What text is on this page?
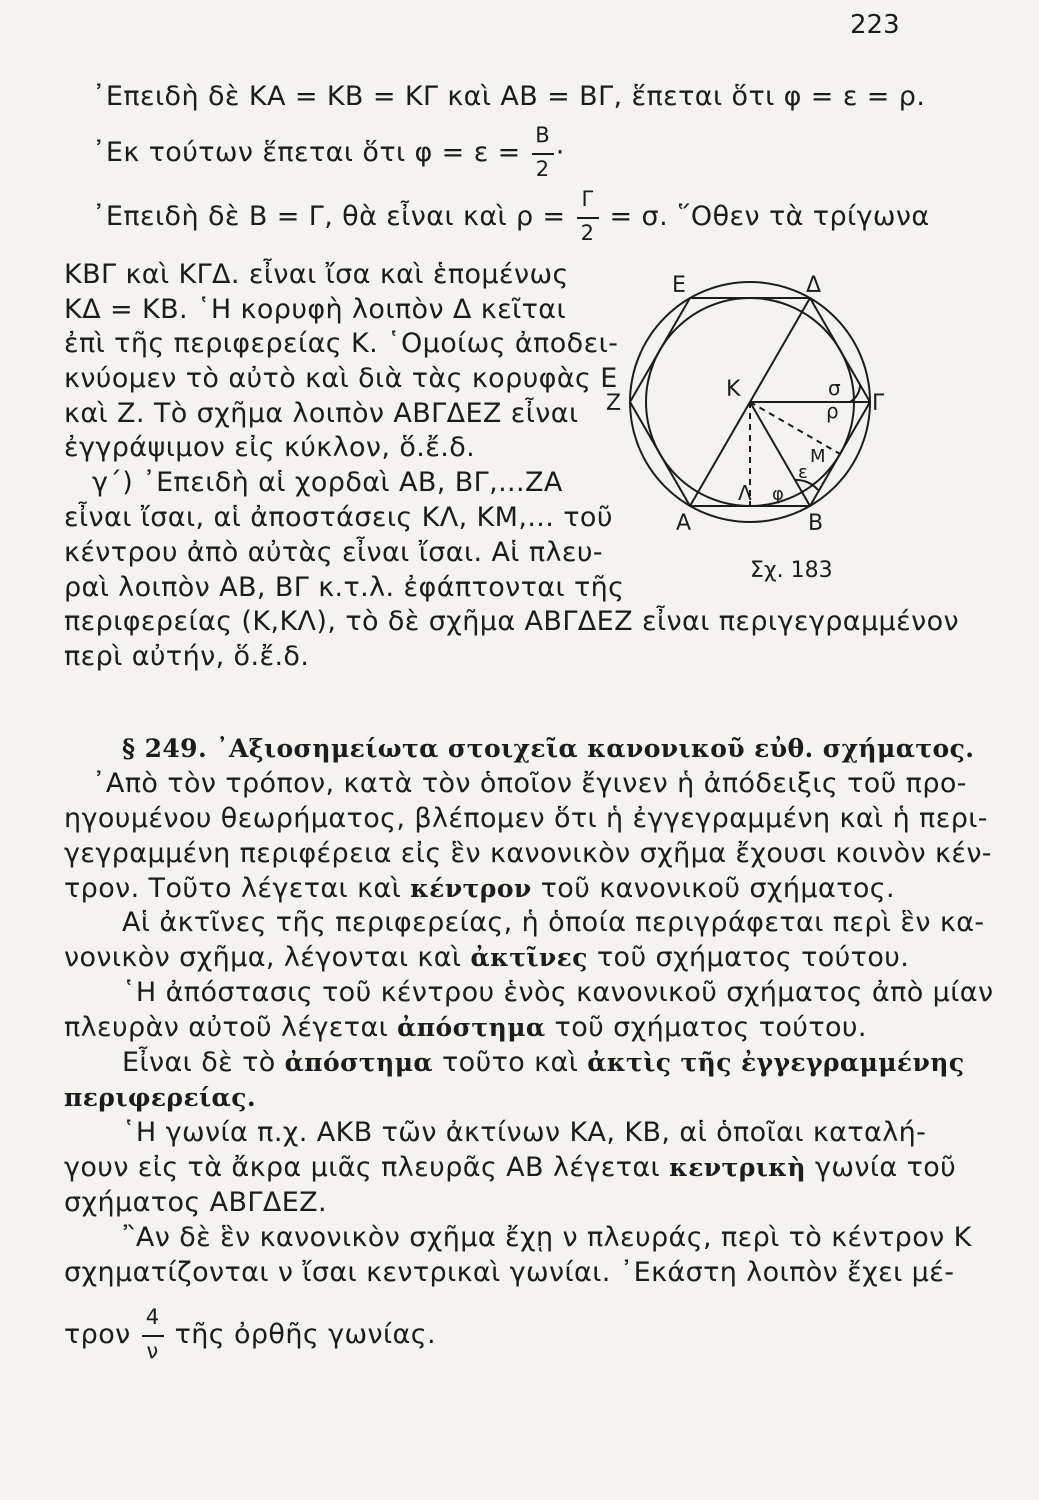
223
᾽Επειδὴ δὲ ΚΑ = ΚΒ = ΚΓ καὶ ΑΒ = ΒΓ, ἕπεται ὅτι φ = ε = ρ.
᾽Εκ τούτων ἕπεται ὅτι $\varphi = \varepsilon = \frac{B}{2}$ ·
᾽Επειδὴ δὲ Β = Γ, θὰ εἶναι καὶ $\rho = \frac{\Gamma}{2} = \sigma$. ῞Οθεν τὰ τρίγωνα
ΚΒΓ καὶ ΚΓΔ. εἶναι ἴσα καὶ ἑπομένως
ΚΔ = ΚΒ. ῾Η κορυφὴ λοιπὸν Δ κεῖται
ἐπὶ τῆς περιφερείας Κ. ῾Ομοίως ἀποδει-
κνύομεν τὸ αὐτὸ καὶ διὰ τὰς κορυφὰς Ε
καὶ Ζ. Τὸ σχῆμα λοιπὸν ΑΒΓΔΕΖ εἶναι
ἐγγράψιμον εἰς κύκλον, ὅ.ἔ.δ.
γ΄) ᾽Επειδὴ αἱ χορδαὶ ΑΒ, ΒΓ,...ΖΑ
εἶναι ἴσαι, αἱ ἀποστάσεις ΚΛ, ΚΜ,... τοῦ
κέντρου ἀπὸ αὐτὰς εἶναι ἴσαι. Αἱ πλευ-
ραὶ λοιπὸν ΑΒ, ΒΓ κ.τ.λ. ἐφάπτονται τῆς
περιφερείας (Κ,ΚΛ), τὸ δὲ σχῆμα ΑΒΓΔΕΖ εἶναι περιγεγραμμένον
περὶ αὐτήν, ὅ.ἔ.δ.
Ε	Δ
Ζ	Γ
Κ	σ
ρ
Μ
ε
φ
Λ
Α	Β
Σχ. 183
§ 249. ᾽Αξιοσημείωτα στοιχεῖα κανονικοῦ εὐθ. σχήματος.
᾽Απὸ τὸν τρόπον, κατὰ τὸν ὁποῖον ἔγινεν ἡ ἀπόδειξις τοῦ προ-
ηγουμένου θεωρήματος, βλέπομεν ὅτι ἡ ἐγγεγραμμένη καὶ ἡ περι-
γεγραμμένη περιφέρεια εἰς ἓν κανονικὸν σχῆμα ἔχουσι κοινὸν κέν-
τρον. Τοῦτο λέγεται καὶ κέντρον τοῦ κανονικοῦ σχήματος.
Αἱ ἀκτῖνες τῆς περιφερείας, ἡ ὁποία περιγράφεται περὶ ἓν κα-
νονικὸν σχῆμα, λέγονται καὶ ἀκτῖνες τοῦ σχήματος τούτου.
῾Η ἀπόστασις τοῦ κέντρου ἑνὸς κανονικοῦ σχήματος ἀπὸ μίαν
πλευρὰν αὐτοῦ λέγεται ἀπόστημα τοῦ σχήματος τούτου.
Εἶναι δὲ τὸ ἀπόστημα τοῦτο καὶ ἀκτὶς τῆς ἐγγεγραμμένης
περιφερείας.
῾Η γωνία π.χ. ΑΚΒ τῶν ἀκτίνων ΚΑ, ΚΒ, αἱ ὁποῖαι καταλή-
γουν εἰς τὰ ἄκρα μιᾶς πλευρᾶς ΑΒ λέγεται κεντρικὴ γωνία τοῦ
σχήματος ΑΒΓΔΕΖ.
῍Αν δὲ ἓν κανονικὸν σχῆμα ἔχῃ ν πλευράς, περὶ τὸ κέντρον Κ
σχηματίζονται ν ἴσαι κεντρικαὶ γωνίαι. ᾽Εκάστη λοιπὸν ἔχει μέ-
τρον $\frac{4}{\nu}$ τῆς ὀρθῆς γωνίας.
